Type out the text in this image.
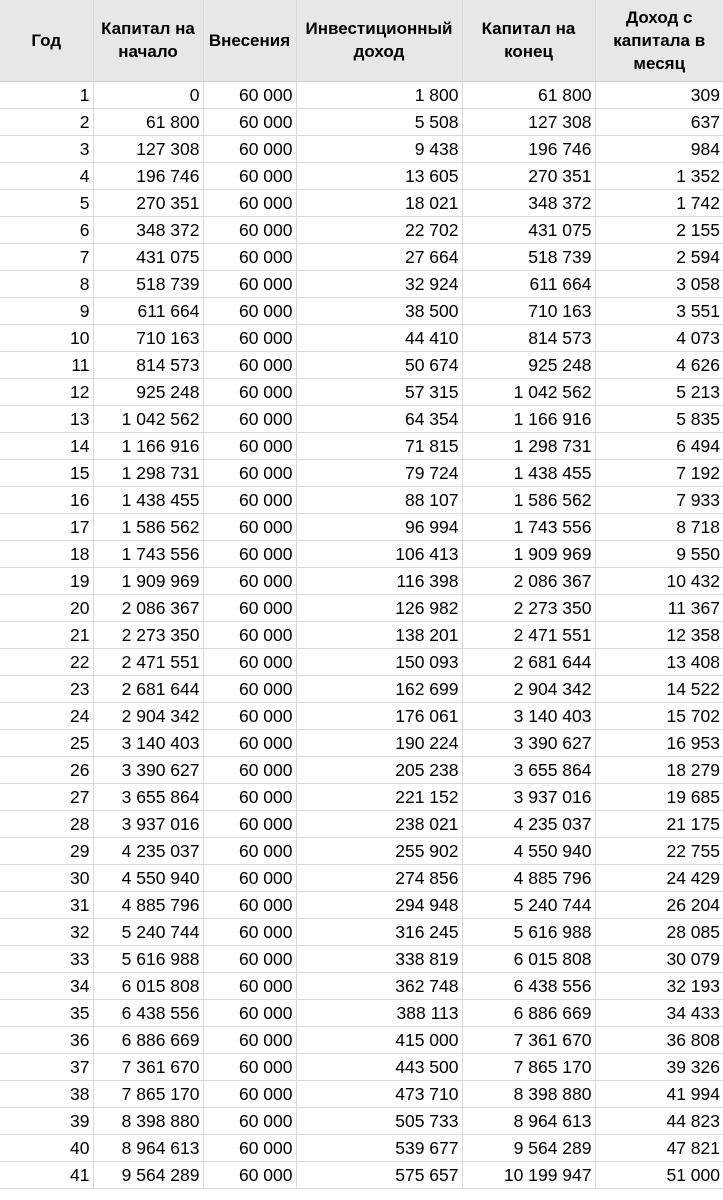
Год	Капитал на начало	Внесения	Инвестиционный доход	Капитал на конец	Доход с капитала в месяц
1	0	60 000	1 800	61 800	309
2	61 800	60 000	5 508	127 308	637
3	127 308	60 000	9 438	196 746	984
4	196 746	60 000	13 605	270 351	1 352
5	270 351	60 000	18 021	348 372	1 742
6	348 372	60 000	22 702	431 075	2 155
7	431 075	60 000	27 664	518 739	2 594
8	518 739	60 000	32 924	611 664	3 058
9	611 664	60 000	38 500	710 163	3 551
10	710 163	60 000	44 410	814 573	4 073
11	814 573	60 000	50 674	925 248	4 626
12	925 248	60 000	57 315	1 042 562	5 213
13	1 042 562	60 000	64 354	1 166 916	5 835
14	1 166 916	60 000	71 815	1 298 731	6 494
15	1 298 731	60 000	79 724	1 438 455	7 192
16	1 438 455	60 000	88 107	1 586 562	7 933
17	1 586 562	60 000	96 994	1 743 556	8 718
18	1 743 556	60 000	106 413	1 909 969	9 550
19	1 909 969	60 000	116 398	2 086 367	10 432
20	2 086 367	60 000	126 982	2 273 350	11 367
21	2 273 350	60 000	138 201	2 471 551	12 358
22	2 471 551	60 000	150 093	2 681 644	13 408
23	2 681 644	60 000	162 699	2 904 342	14 522
24	2 904 342	60 000	176 061	3 140 403	15 702
25	3 140 403	60 000	190 224	3 390 627	16 953
26	3 390 627	60 000	205 238	3 655 864	18 279
27	3 655 864	60 000	221 152	3 937 016	19 685
28	3 937 016	60 000	238 021	4 235 037	21 175
29	4 235 037	60 000	255 902	4 550 940	22 755
30	4 550 940	60 000	274 856	4 885 796	24 429
31	4 885 796	60 000	294 948	5 240 744	26 204
32	5 240 744	60 000	316 245	5 616 988	28 085
33	5 616 988	60 000	338 819	6 015 808	30 079
34	6 015 808	60 000	362 748	6 438 556	32 193
35	6 438 556	60 000	388 113	6 886 669	34 433
36	6 886 669	60 000	415 000	7 361 670	36 808
37	7 361 670	60 000	443 500	7 865 170	39 326
38	7 865 170	60 000	473 710	8 398 880	41 994
39	8 398 880	60 000	505 733	8 964 613	44 823
40	8 964 613	60 000	539 677	9 564 289	47 821
41	9 564 289	60 000	575 657	10 199 947	51 000
